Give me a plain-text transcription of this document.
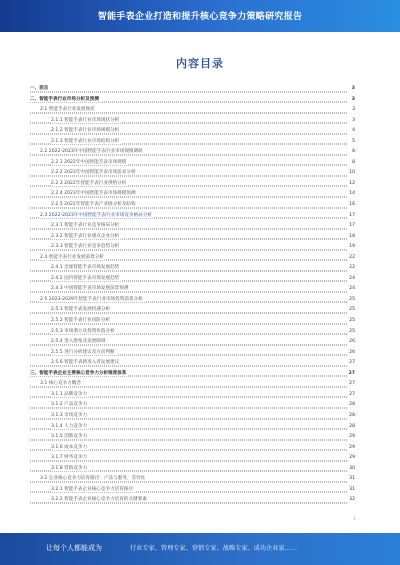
智能手表企业打造和提升核心竞争力策略研究报告
内容目录
一、前言	3
二、智能手表行业市场分析及预测	3
2.1 智能手表行业发展现状	3
2.1.1 智能手表行业市场现状分析	3
2.1.2 智能手表行业市场规模分析	4
2.1.3 智能手表行业市场结构分析	5
2.2 2022-2023年中国智能手表行业市场规模调研	8
2.2.1 2022年中国智能手表市场规模	8
2.2.2 2023年中国智能手表市场需求分析	10
2.2.3 2022年智能手表行业供给分析	12
2.2.4 2023年中国智能手表市场规模预测	14
2.2.5 2022年智能手表产业链分析及结构	16
2.3 2022-2023年中国智能手表行业市场竞争格局分析	17
2.3.1 智能手表行业竞争格局分析	17
2.3.2 智能手表行业重点企业分析	18
2.3.3 智能手表行业竞争趋势分析	19
2.4 智能手表行业发展前景分析	22
2.4.1 全球智能手表市场发展趋势	22
2.4.2 国内智能手表市场发展趋势	24
2.4.3 中国智能手表市场发展前景预测	24
2.5 2023-2029年智能手表行业市场投资前景分析	25
2.5.1 智能手表发展机遇分析	25
2.5.2 智能手表行业风险分析	25
2.5.3 市场潜力及投资价值分析	25
2.5.4 进入壁垒及发展障碍	26
2.5.5 进行分析建议及方向判断	26
2.5.6 智能手表新进入者发展建议	27
三、智能手表企业主要核心竞争力分析维度体系	27
3.1 核心竞争力概念	27
3.1.1 品牌竞争力	27
3.1.2 产品竞争力	28
3.1.3 市场竞争力	28
3.1.4 人力竞争力	28
3.1.5 创新竞争力	29
3.1.6 成本竞争力	29
3.1.7 财务竞争力	29
3.1.8 营销竞争力	30
3.2 企业核心竞争力培育路径：产品与服务、差异化	31
3.2.1 智能手表企业核心竞争力培育路径	31
3.2.2 智能手表企业核心竞争力培育的关键要素	32
1
让每个人都能成为	行业专家、管理专家、营销专家、战略专家、成功企业家……
